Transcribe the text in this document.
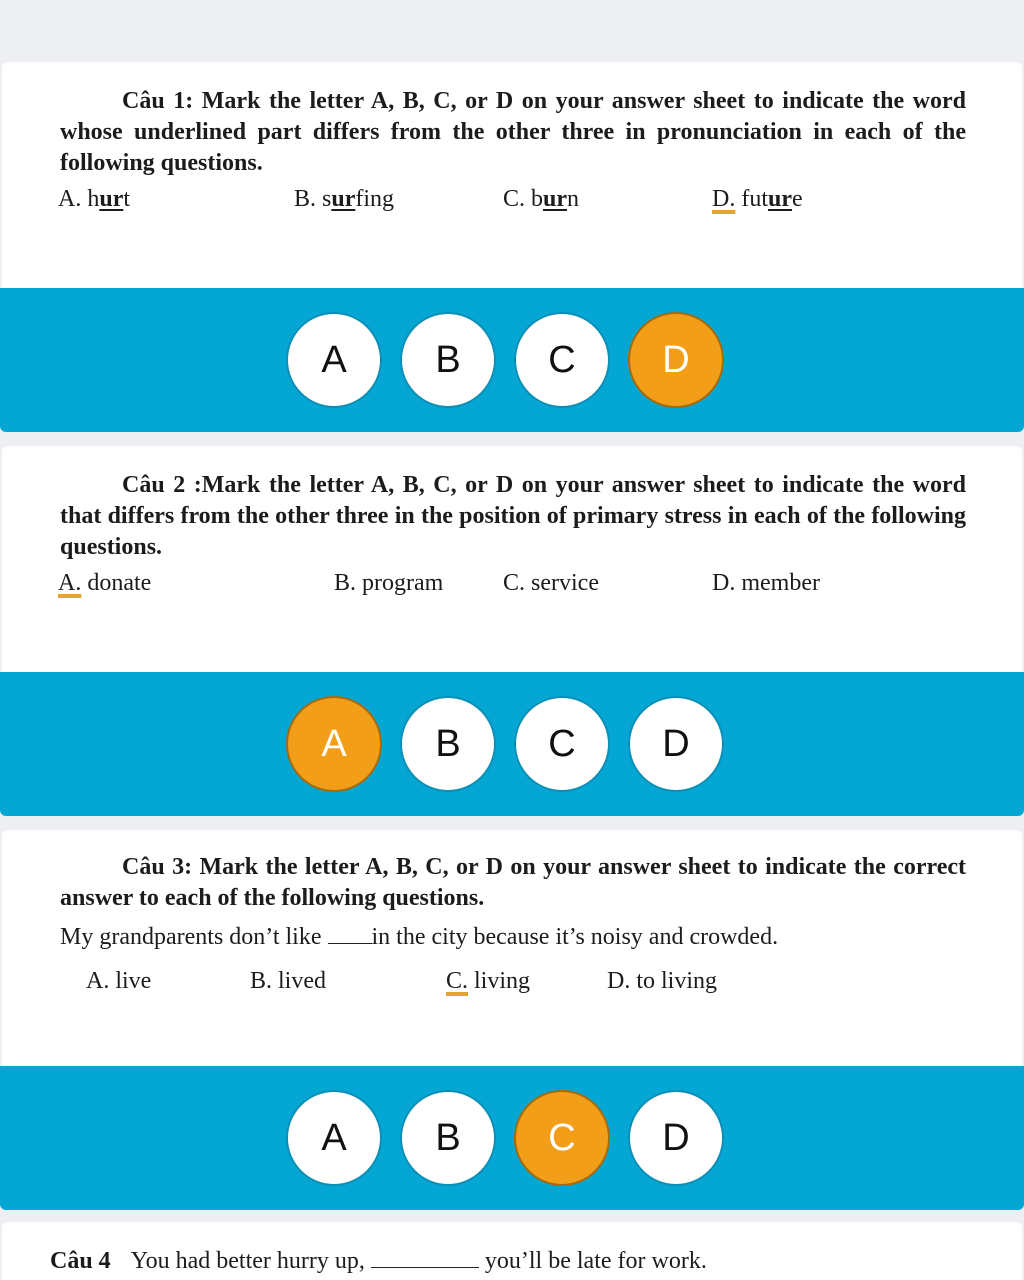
Câu 1: Mark the letter A, B, C, or D on your answer sheet to indicate the word whose underlined part differs from the other three in pronunciation in each of the following questions.

A. hurt	B. surfing	C. burn	D. future
A	B	C	D

Câu 2 :Mark the letter A, B, C, or D on your answer sheet to indicate the word that differs from the other three in the position of primary stress in each of the following questions.

A. donate	B. program C. service	D. member
A	B	C	D

Câu 3: Mark the letter A, B, C, or D on your answer sheet to indicate the correct answer to each of the following questions.

My grandparents don’t like in the city because it’s noisy and crowded.
A. live	B. lived	C. living	D. to living
A	B	C	D
Câu 4 You had better hurry up,	you’ll be late for work.
